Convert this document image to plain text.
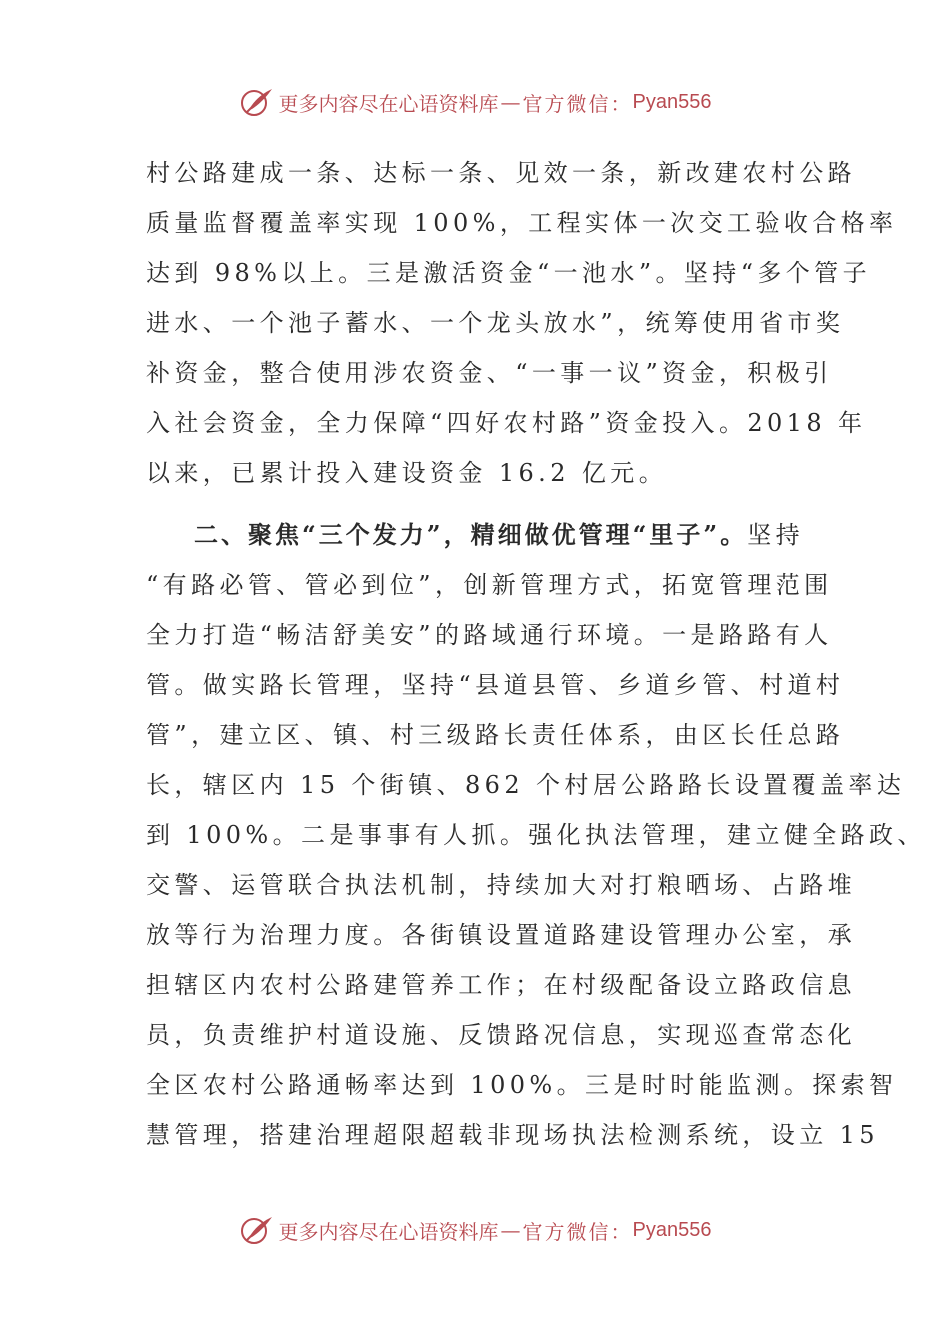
更多内容尽在心语资料库 — 官方微信： Pyan556

村公路建成一条、达标一条、见效一条，新改建农村公路
质量监督覆盖率实现 100%，工程实体一次交工验收合格率
达到 98%以上。三是激活资金“一池水”。坚持“多个管子
进水、一个池子蓄水、一个龙头放水”，统筹使用省市奖
补资金，整合使用涉农资金、“一事一议”资金，积极引
入社会资金，全力保障“四好农村路”资金投入。2018 年
以来，已累计投入建设资金 16.2 亿元。

二、聚焦“三个发力”，精细做优管理“里子”。坚持
“有路必管、管必到位”，创新管理方式，拓宽管理范围
全力打造“畅洁舒美安”的路域通行环境。一是路路有人
管。做实路长管理，坚持“县道县管、乡道乡管、村道村
管”，建立区、镇、村三级路长责任体系，由区长任总路
长，辖区内 15 个街镇、862 个村居公路路长设置覆盖率达
到 100%。二是事事有人抓。强化执法管理，建立健全路政、
交警、运管联合执法机制，持续加大对打粮晒场、占路堆
放等行为治理力度。各街镇设置道路建设管理办公室，承
担辖区内农村公路建管养工作；在村级配备设立路政信息
员，负责维护村道设施、反馈路况信息，实现巡查常态化
全区农村公路通畅率达到 100%。三是时时能监测。探索智
慧管理，搭建治理超限超载非现场执法检测系统，设立 15

更多内容尽在心语资料库 — 官方微信： Pyan556
